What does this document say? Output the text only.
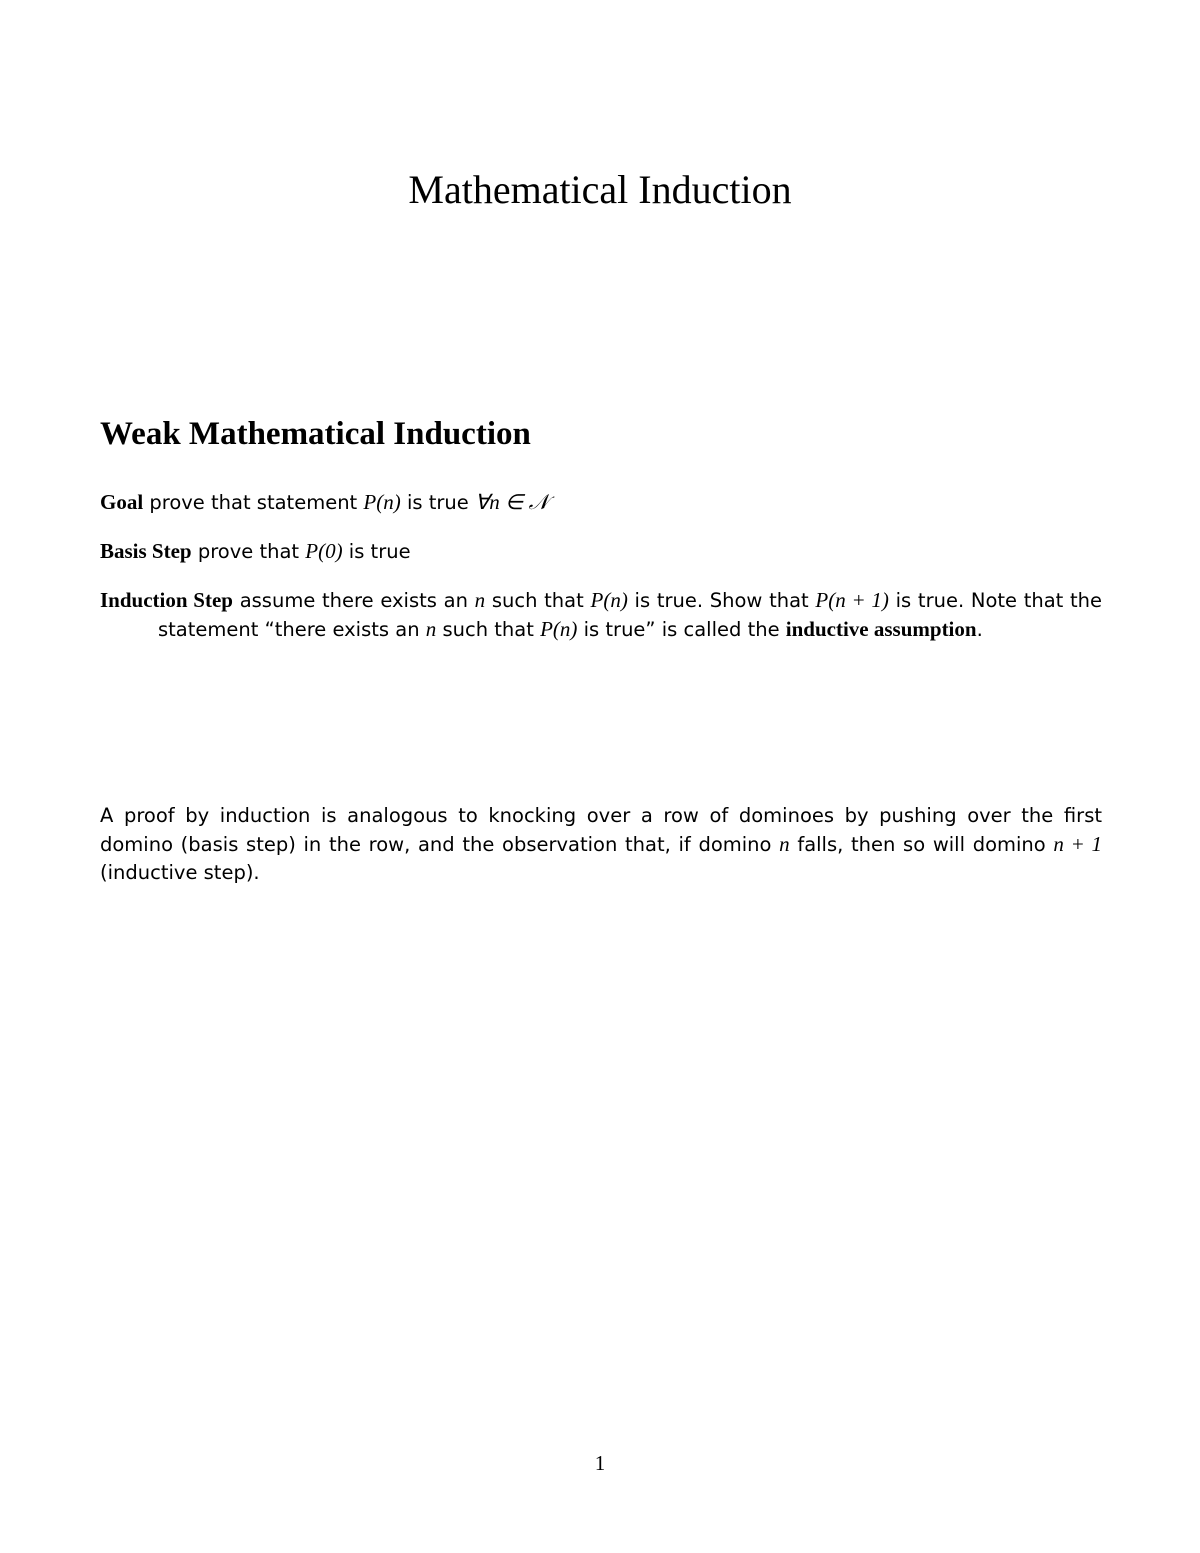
Mathematical Induction
Weak Mathematical Induction

Goal prove that statement P(n) is true ∀n ∈ 𝒩

Basis Step prove that P(0) is true

Induction Step assume there exists an n such that P(n) is true. Show that P(n + 1) is true. Note that the statement “there exists an n such that P(n) is true” is called the inductive assumption.

A proof by induction is analogous to knocking over a row of dominoes by pushing over the first domino (basis step) in the row, and the observation that, if domino n falls, then so will domino n + 1 (inductive step).

1
